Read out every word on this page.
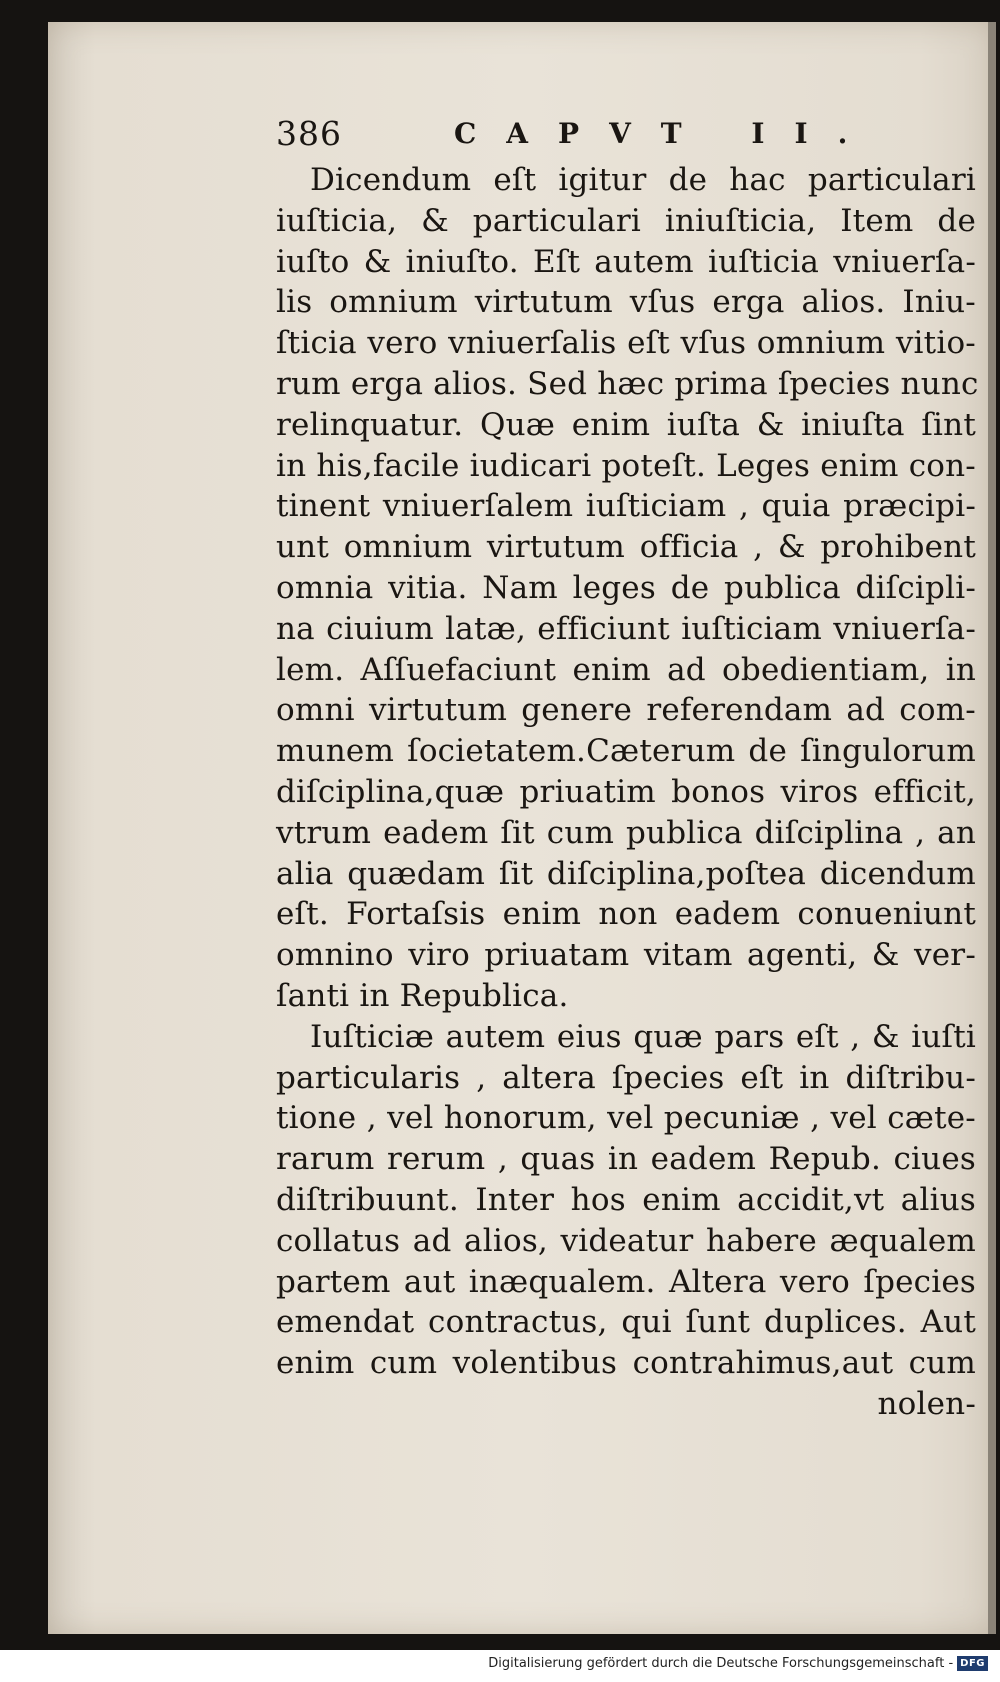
386	CAPVT II.
Dicendum eſt igitur de hac particulari
iuſticia, & particulari iniuſticia, Item de
iuſto & iniuſto. Eſt autem iuſticia vniuerſa-
lis omnium virtutum vſus erga alios. Iniu-
ſticia vero vniuerſalis eſt vſus omnium vitio-
rum erga alios. Sed hæc prima ſpecies nunc
relinquatur. Quæ enim iuſta & iniuſta ſint
in his,facile iudicari poteſt. Leges enim con-
tinent vniuerſalem iuſticiam , quia præcipi-
unt omnium virtutum officia , & prohibent
omnia vitia. Nam leges de publica diſcipli-
na ciuium latæ, efficiunt iuſticiam vniuerſa-
lem. Aſſuefaciunt enim ad obedientiam, in
omni virtutum genere referendam ad com-
munem ſocietatem.Cæterum de ſingulorum
diſciplina,quæ priuatim bonos viros efficit,
vtrum eadem ſit cum publica diſciplina , an
alia quædam ſit diſciplina,poſtea dicendum
eſt. Fortaſsis enim non eadem conueniunt
omnino viro priuatam vitam agenti, & ver-
ſanti in Republica.
Iuſticiæ autem eius quæ pars eſt , & iuſti
particularis , altera ſpecies eſt in diſtribu-
tione , vel honorum, vel pecuniæ , vel cæte-
rarum rerum , quas in eadem Repub. ciues
diſtribuunt. Inter hos enim accidit,vt alius
collatus ad alios, videatur habere æqualem
partem aut inæqualem. Altera vero ſpecies
emendat contractus, qui ſunt duplices. Aut
enim cum volentibus contrahimus,aut cum
nolen-
Digitalisierung gefördert durch die Deutsche Forschungsgemeinschaft - DFG
